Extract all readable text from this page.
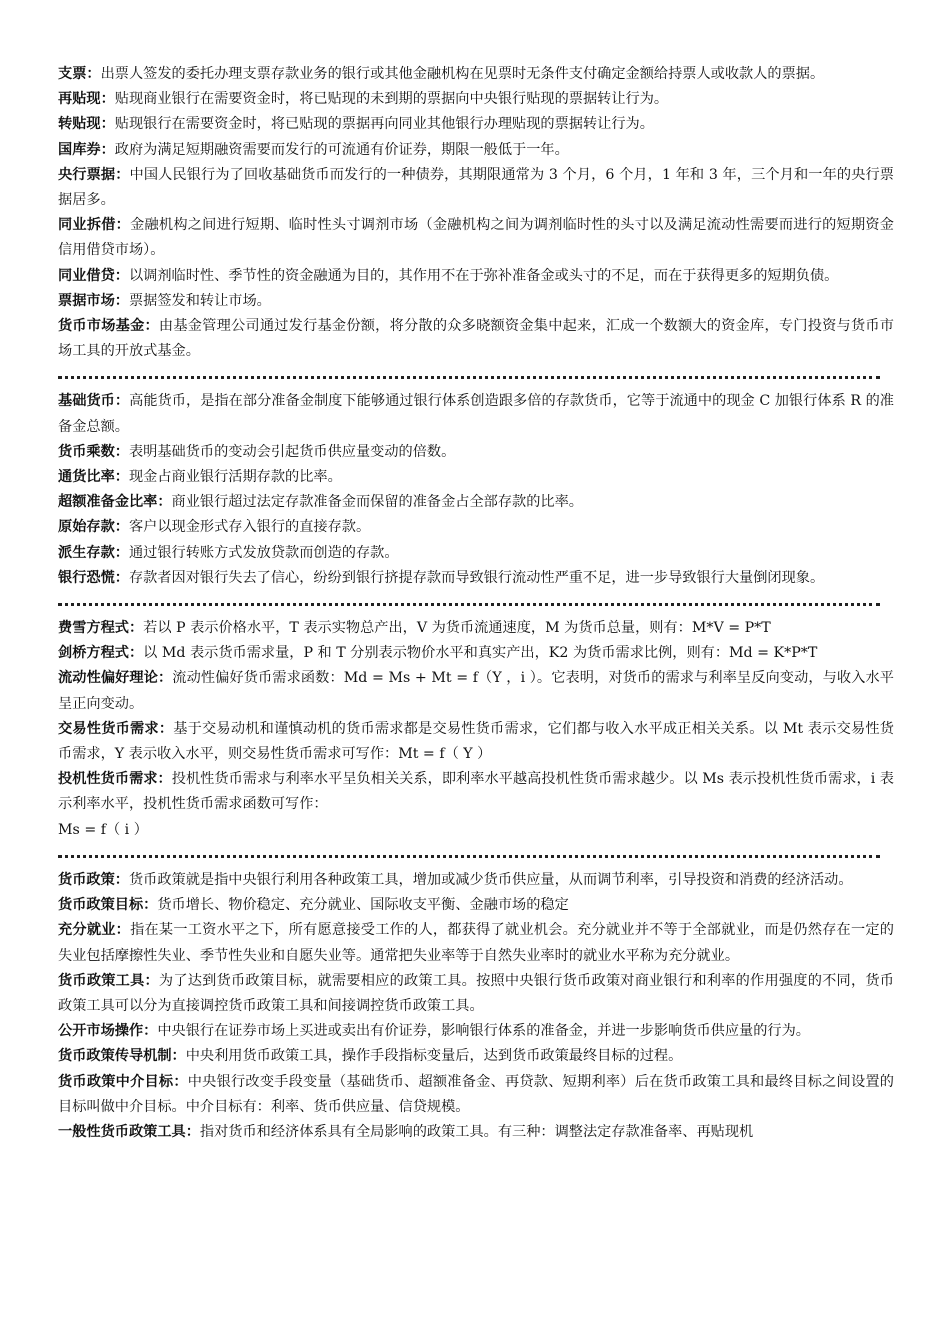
支票：出票人签发的委托办理支票存款业务的银行或其他金融机构在见票时无条件支付确定金额给持票人或收款人的票据。

再贴现：贴现商业银行在需要资金时，将已贴现的未到期的票据向中央银行贴现的票据转让行为。

转贴现：贴现银行在需要资金时，将已贴现的票据再向同业其他银行办理贴现的票据转让行为。

国库券：政府为满足短期融资需要而发行的可流通有价证券，期限一般低于一年。

央行票据：中国人民银行为了回收基础货币而发行的一种债券，其期限通常为 3 个月，6 个月，1 年和 3 年，三个月和一年的央行票据居多。

同业拆借：金融机构之间进行短期、临时性头寸调剂市场（金融机构之间为调剂临时性的头寸以及满足流动性需要而进行的短期资金信用借贷市场）。

同业借贷：以调剂临时性、季节性的资金融通为目的，其作用不在于弥补准备金或头寸的不足，而在于获得更多的短期负债。

票据市场：票据签发和转让市场。

货币市场基金：由基金管理公司通过发行基金份额，将分散的众多晓额资金集中起来，汇成一个数额大的资金库，专门投资与货币市场工具的开放式基金。

基础货币：高能货币，是指在部分准备金制度下能够通过银行体系创造跟多倍的存款货币，它等于流通中的现金 C 加银行体系 R 的准备金总额。

货币乘数：表明基础货币的变动会引起货币供应量变动的倍数。

通货比率：现金占商业银行活期存款的比率。

超额准备金比率：商业银行超过法定存款准备金而保留的准备金占全部存款的比率。

原始存款：客户以现金形式存入银行的直接存款。

派生存款：通过银行转账方式发放贷款而创造的存款。

银行恐慌：存款者因对银行失去了信心，纷纷到银行挤提存款而导致银行流动性严重不足，进一步导致银行大量倒闭现象。

费雪方程式：若以 P 表示价格水平，T 表示实物总产出，V 为货币流通速度，M 为货币总量，则有：M*V = P*T

剑桥方程式：以 Md 表示货币需求量，P 和 T 分别表示物价水平和真实产出，K2 为货币需求比例，则有：Md = K*P*T

流动性偏好理论：流动性偏好货币需求函数：Md = Ms + Mt = f（Y ，i ）。它表明，对货币的需求与利率呈反向变动，与收入水平呈正向变动。

交易性货币需求：基于交易动机和谨慎动机的货币需求都是交易性货币需求，它们都与收入水平成正相关关系。以 Mt 表示交易性货币需求，Y 表示收入水平，则交易性货币需求可写作：Mt = f（ Y ）

投机性货币需求：投机性货币需求与利率水平呈负相关关系，即利率水平越高投机性货币需求越少。以 Ms 表示投机性货币需求，i 表示利率水平，投机性货币需求函数可写作：

Ms = f（ i ）

货币政策：货币政策就是指中央银行利用各种政策工具，增加或减少货币供应量，从而调节利率，引导投资和消费的经济活动。

货币政策目标：货币增长、物价稳定、充分就业、国际收支平衡、金融市场的稳定

充分就业：指在某一工资水平之下，所有愿意接受工作的人，都获得了就业机会。充分就业并不等于全部就业，而是仍然存在一定的失业包括摩擦性失业、季节性失业和自愿失业等。通常把失业率等于自然失业率时的就业水平称为充分就业。

货币政策工具：为了达到货币政策目标，就需要相应的政策工具。按照中央银行货币政策对商业银行和利率的作用强度的不同，货币政策工具可以分为直接调控货币政策工具和间接调控货币政策工具。

公开市场操作：中央银行在证券市场上买进或卖出有价证券，影响银行体系的准备金，并进一步影响货币供应量的行为。

货币政策传导机制：中央利用货币政策工具，操作手段指标变量后，达到货币政策最终目标的过程。

货币政策中介目标：中央银行改变手段变量（基础货币、超额准备金、再贷款、短期利率）后在货币政策工具和最终目标之间设置的目标叫做中介目标。中介目标有：利率、货币供应量、信贷规模。

一般性货币政策工具：指对货币和经济体系具有全局影响的政策工具。有三种：调整法定存款准备率、再贴现机
